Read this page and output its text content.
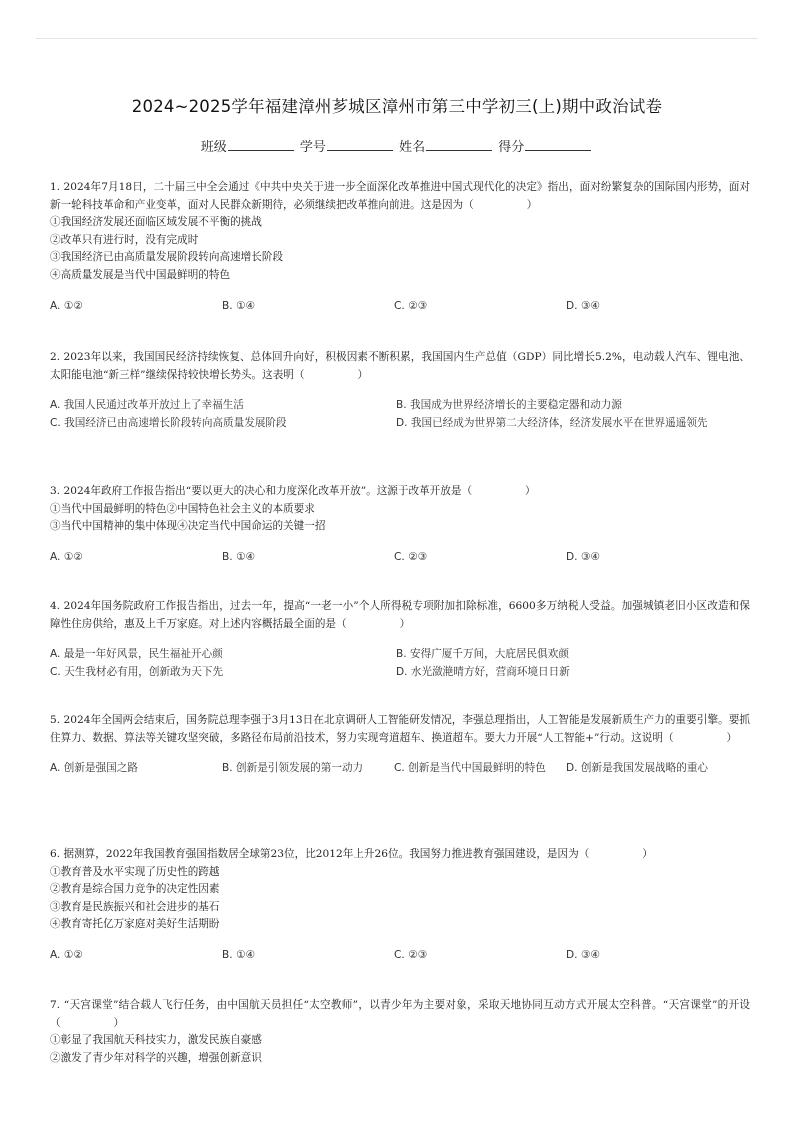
2024~2025学年福建漳州芗城区漳州市第三中学初三(上)期中政治试卷
班级	学号	姓名	得分

1. 2024年7月18日，二十届三中全会通过《中共中央关于进一步全面深化改革推进中国式现代化的决定》指出，面对纷繁复杂的国际国内形势，面对新一轮科技革命和产业变革，面对人民群众新期待，必须继续把改革推向前进。这是因为（　　　　　）

①我国经济发展还面临区域发展不平衡的挑战

②改革只有进行时，没有完成时

③我国经济已由高质量发展阶段转向高速增长阶段

④高质量发展是当代中国最鲜明的特色

A. ①②	B. ①④	C. ②③	D. ③④

2. 2023年以来，我国国民经济持续恢复、总体回升向好，积极因素不断积累，我国国内生产总值（GDP）同比增长5.2%，电动载人汽车、锂电池、太阳能电池“新三样”继续保持较快增长势头。这表明（　　　　　）

A. 我国人民通过改革开放过上了幸福生活	B. 我国成为世界经济增长的主要稳定器和动力源
C. 我国经济已由高速增长阶段转向高质量发展阶段	D. 我国已经成为世界第二大经济体，经济发展水平在世界遥遥领先

3. 2024年政府工作报告指出“要以更大的决心和力度深化改革开放”。这源于改革开放是（　　　　　）

①当代中国最鲜明的特色②中国特色社会主义的本质要求

③当代中国精神的集中体现④决定当代中国命运的关键一招

A. ①②	B. ①④	C. ②③	D. ③④

4. 2024年国务院政府工作报告指出，过去一年，提高“一老一小”个人所得税专项附加扣除标准，6600多万纳税人受益。加强城镇老旧小区改造和保障性住房供给，惠及上千万家庭。对上述内容概括最全面的是（　　　　　）

A. 最是一年好风景，民生福祉开心颜	B. 安得广厦千万间，大庇居民俱欢颜
C. 天生我材必有用，创新敢为天下先	D. 水光潋滟晴方好，营商环境日日新

5. 2024年全国两会结束后，国务院总理李强于3月13日在北京调研人工智能研发情况，李强总理指出，人工智能是发展新质生产力的重要引擎。要抓住算力、数据、算法等关键攻坚突破，多路径布局前沿技术，努力实现弯道超车、换道超车。要大力开展“人工智能+”行动。这说明（　　　　　）

A. 创新是强国之路	B. 创新是引领发展的第一动力	C. 创新是当代中国最鲜明的特色	D. 创新是我国发展战略的重心

6. 据测算，2022年我国教育强国指数居全球第23位，比2012年上升26位。我国努力推进教育强国建设，是因为（　　　　　）

①教育普及水平实现了历史性的跨越

②教育是综合国力竞争的决定性因素

③教育是民族振兴和社会进步的基石

④教育寄托亿万家庭对美好生活期盼

A. ①②	B. ①④	C. ②③	D. ③④

7. “天宫课堂”结合载人飞行任务，由中国航天员担任“太空教师”，以青少年为主要对象，采取天地协同互动方式开展太空科普。“天宫课堂”的开设（　　　　　）

①彰显了我国航天科技实力，激发民族自豪感

②激发了青少年对科学的兴趣，增强创新意识
